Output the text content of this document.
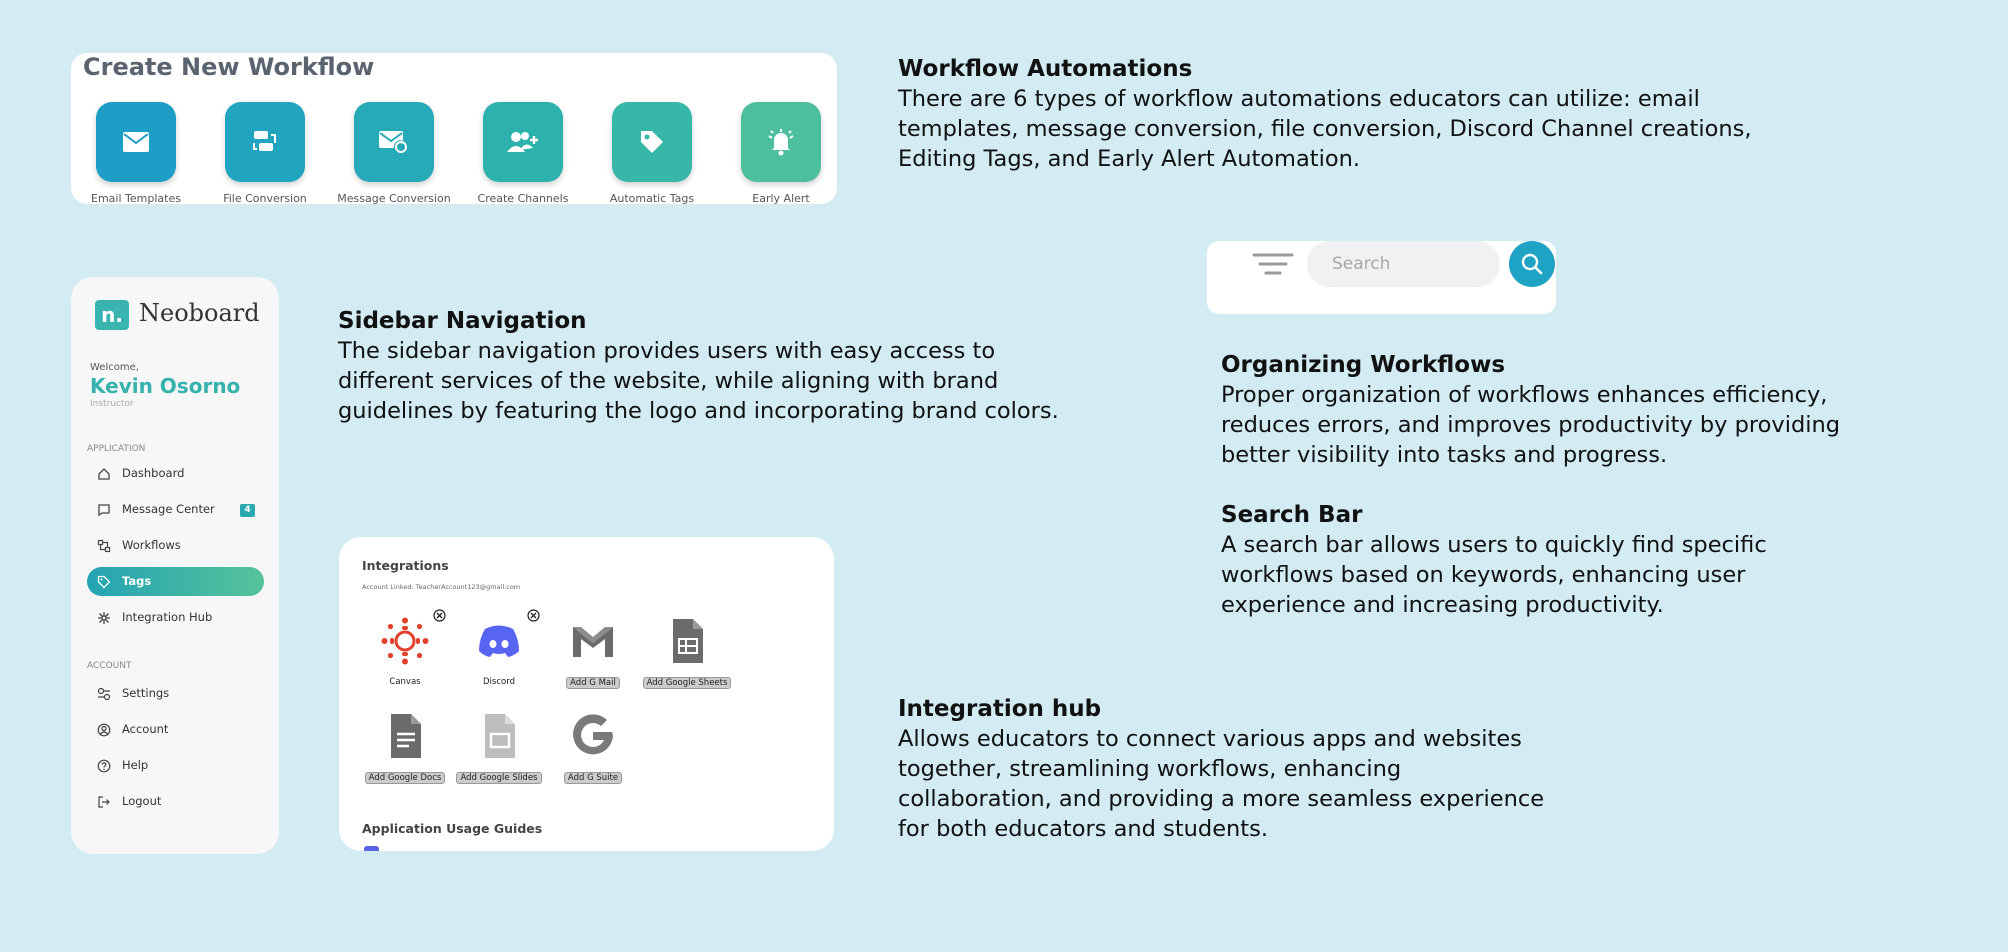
Create New Workflow
Email Templates	File Conversion	Message Conversion	Create Channels	Automatic Tags	Early Alert
n. Neoboard
Welcome,
Kevin Osorno
Instructor
APPLICATION
Dashboard
Message Center	4
Workflows
Tags
Integration Hub
ACCOUNT
Settings
Account
Help
Logout
Integrations
Account Linked: TeacherAccount123@gmail.com
Canvas	Discord	Add G Mail	Add Google Sheets
Add Google Docs	Add Google Slides	Add G Suite
Application Usage Guides
Search
Workflow Automations

There are 6 types of workflow automations educators can utilize: email

templates, message conversion, file conversion, Discord Channel creations,

Editing Tags, and Early Alert Automation.

Sidebar Navigation

The sidebar navigation provides users with easy access to

different services of the website, while aligning with brand

guidelines by featuring the logo and incorporating brand colors.

Organizing Workflows

Proper organization of workflows enhances efficiency,

reduces errors, and improves productivity by providing

better visibility into tasks and progress.

Search Bar

A search bar allows users to quickly find specific

workflows based on keywords, enhancing user

experience and increasing productivity.

Integration hub

Allows educators to connect various apps and websites

together, streamlining workflows, enhancing

collaboration, and providing a more seamless experience

for both educators and students.
